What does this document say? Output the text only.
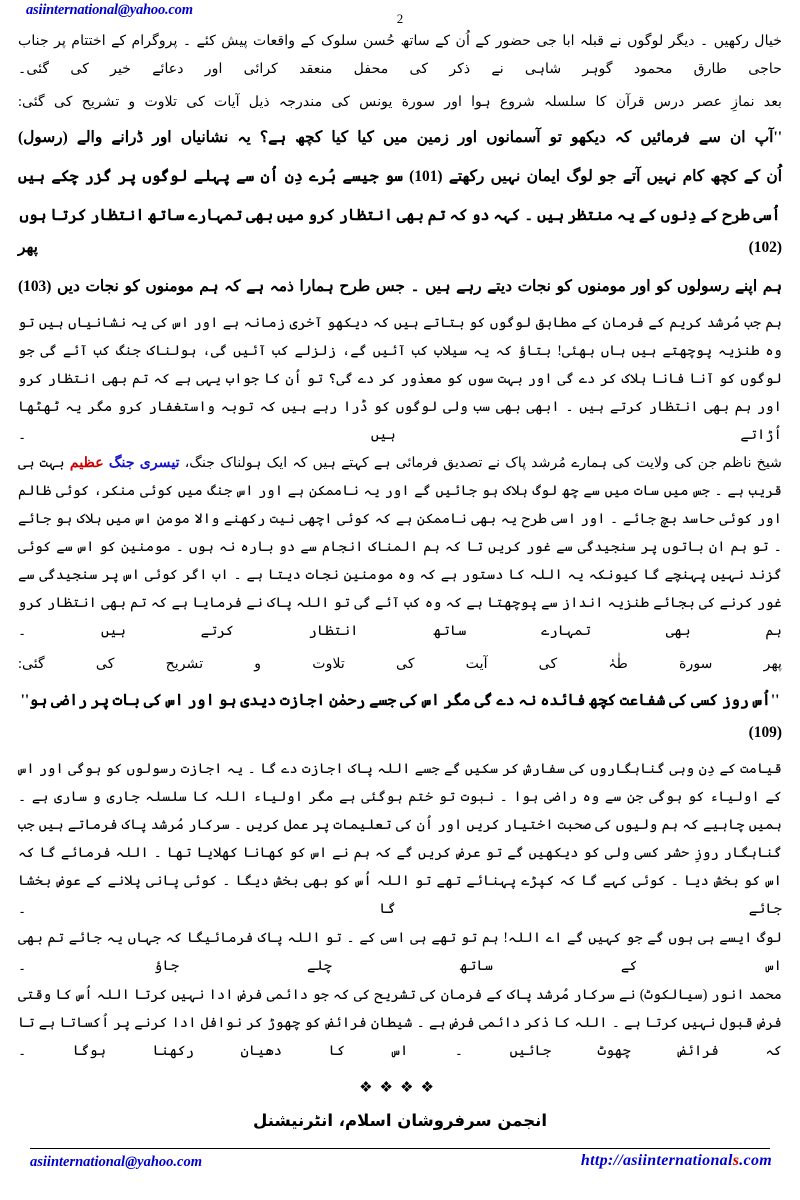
asiinternational@yahoo.com
2

خیال رکھیں ۔ دیگر لوگوں نے قبلہ ابا جی حضور کے اُن کے ساتھ حُسن سلوک کے واقعات پیش کئے ۔ پروگرام کے اختتام پر جناب حاجی طارق محمود گوہر شاہی نے ذکر کی محفل منعقد کرائی اور دعائے خیر کی گئی۔

بعد نمازِ عصر درس قرآن کا سلسلہ شروع ہوا اور سورة یونس کی مندرجہ ذیل آیات کی تلاوت و تشریح کی گئی:

''آپ ان سے فرمائیں کہ دیکھو تو آسمانوں اور زمین میں کیا کیا کچھ ہے؟ یہ نشانیاں اور ڈرانے والے (رسول)

اُن کے کچھ کام نہیں آتے جو لوگ ایمان نہیں رکھتے (101) سو جیسے بُرے دِن اُن سے پہلے لوگوں پر گزر چکے ہیں

اُسی طرح کے دِنوں کے یہ منتظر ہیں ۔ کہہ دو کہ تم بھی انتظار کرو میں بھی تمہارے ساتھ انتظار کرتا ہوں (102) پھر

ہم اپنے رسولوں کو اور مومنوں کو نجات دیتے رہے ہیں ۔ جس طرح ہمارا ذمہ ہے کہ ہم مومنوں کو نجات دیں (103)

ہم جب مُرشد کریم کے فرمان کے مطابق لوگوں کو بتاتے ہیں کہ دیکھو آخری زمانہ ہے اور اس کی یہ نشانیاں ہیں تو وہ طنزیہ پوچھتے ہیں ہاں بھئی! بتاؤ کہ یہ سیلاب کب آئیں گے، زلزلے کب آئیں گی، ہولناک جنگ کب آئے گی جو لوگوں کو آنا فانا ہلاک کر دے گی اور بہت سوں کو معذور کر دے گی؟ تو اُن کا جواب یہی ہے کہ تم بھی انتظار کرو اور ہم بھی انتظار کرتے ہیں ۔ ابھی بھی سب ولی لوگوں کو ڈرا رہے ہیں کہ توبہ واستغفار کرو مگر یہ ٹھٹھا اُڑاتے ہیں ۔

شیخ ناظم جن کی ولایت کی ہمارے مُرشد پاک نے تصدیق فرمائی ہے کہتے ہیں کہ ایک ہولناک جنگ، تیسری جنگ عظیم بہت ہی قریب ہے ۔ جس میں سات میں سے چھ لوگ ہلاک ہو جائیں گے اور یہ ناممکن ہے اور اس جنگ میں کوئی منکر، کوئی ظالم اور کوئی حاسد بچ جائے ۔ اور اسی طرح یہ بھی ناممکن ہے کہ کوئی اچھی نیت رکھنے والا مومن اس میں ہلاک ہو جائے ۔ تو ہم ان باتوں پر سنجیدگی سے غور کریں تا کہ ہم المناک انجام سے دو بارہ نہ ہوں ۔ مومنین کو اس سے کوئی گزند نہیں پہنچے گا کیونکہ یہ اللہ کا دستور ہے کہ وہ مومنین نجات دیتا ہے ۔ اب اگر کوئی اس پر سنجیدگی سے غور کرنے کی بجائے طنزیہ انداز سے پوچھتا ہے کہ وہ کب آئے گی تو اللہ پاک نے فرمایا ہے کہ تم بھی انتظار کرو ہم بھی تمہارے ساتھ انتظار کرتے ہیں ۔

پھر سورة طٰہٰ کی آیت کی تلاوت و تشریح کی گئی:

''اُس روز کسی کی شفاعت کچھ فائدہ نہ دے گی مگر اس کی جسے رحمٰن اجازت دیدی ہو اور اس کی بات پر راضی ہو'' (109)

قیامت کے دِن وہی گناہگاروں کی سفارش کر سکیں گے جسے اللہ پاک اجازت دے گا ۔ یہ اجازت رسولوں کو ہوگی اور اس کے اولیاء کو ہوگی جن سے وہ راضی ہوا ۔ نبوت تو ختم ہوگئی ہے مگر اولیاء اللہ کا سلسلہ جاری و ساری ہے ۔ ہمیں چاہیے کہ ہم ولیوں کی صحبت اختیار کریں اور اُن کی تعلیمات پر عمل کریں ۔ سرکار مُرشد پاک فرماتے ہیں جب گناہگار روزِ حشر کسی ولی کو دیکھیں گے تو عرض کریں گے کہ ہم نے اس کو کھانا کھلایا تھا ۔ اللہ فرمائے گا کہ اس کو بخش دیا ۔ کوئی کہے گا کہ کپڑے پہنائے تھے تو اللہ اُس کو بھی بخش دیگا ۔ کوئی پانی پلانے کے عوض بخشا جائے گا ۔

لوگ ایسے ہی ہوں گے جو کہیں گے اے اللہ! ہم تو تھے ہی اسی کے ۔ تو اللہ پاک فرمائیگا کہ جہاں یہ جائے تم بھی اس کے ساتھ چلے جاؤ ۔

محمد انور (سیالکوٹ) نے سرکار مُرشد پاک کے فرمان کی تشریح کی کہ جو دائمی فرض ادا نہیں کرتا اللہ اُس کا وقتی فرض قبول نہیں کرتا ہے ۔ اللہ کا ذکر دائمی فرض ہے ۔ شیطان فرائض کو چھوڑ کر نوافل ادا کرنے پر اُکساتا ہے تا کہ فرائض چھوٹ جائیں ۔ اس کا دھیان رکھنا ہوگا ۔

❖❖❖❖
انجمن سرفروشان اسلام، انٹرنیشنل
asiinternational@yahoo.com	http://asiinternationals.com
